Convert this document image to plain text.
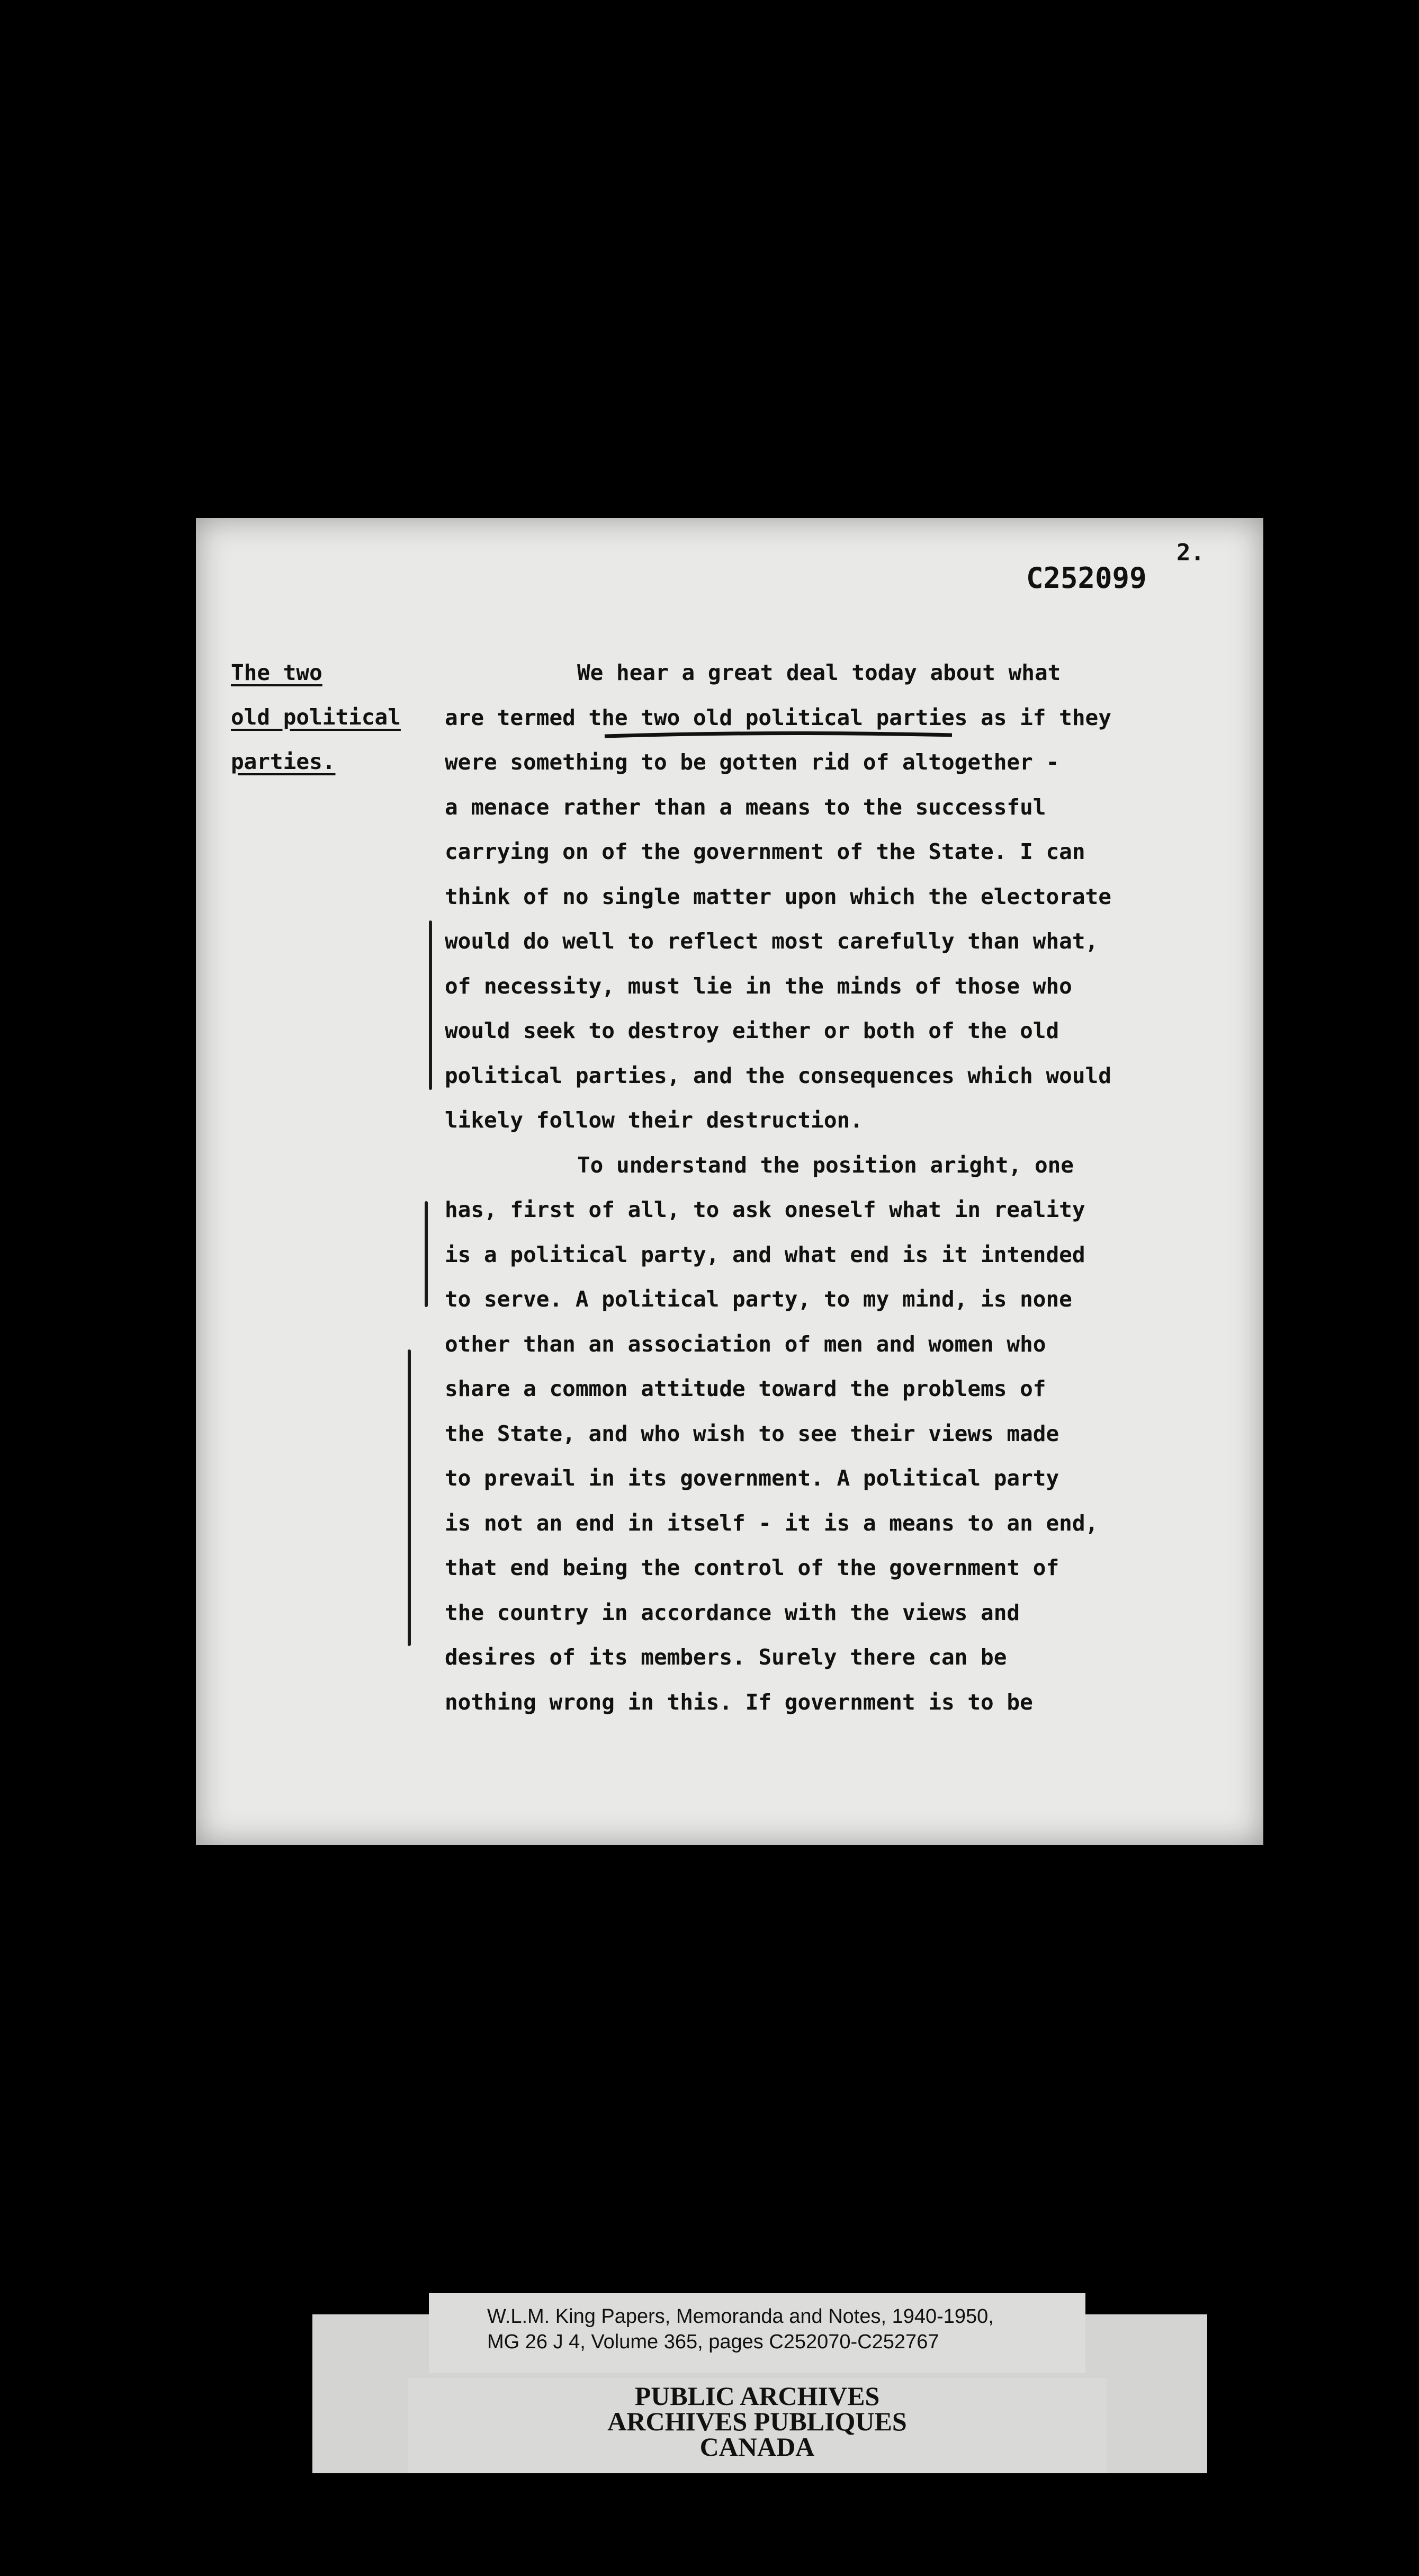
2.
C252099
The two
old political
parties.
We hear a great deal today about what
are termed the two old political parties as if they
were something to be gotten rid of altogether -
a menace rather than a means to the successful
carrying on of the government of the State. I can
think of no single matter upon which the electorate
would do well to reflect most carefully than what,
of necessity, must lie in the minds of those who
would seek to destroy either or both of the old
political parties, and the consequences which would
likely follow their destruction.
To understand the position aright, one
has, first of all, to ask oneself what in reality
is a political party, and what end is it intended
to serve. A political party, to my mind, is none
other than an association of men and women who
share a common attitude toward the problems of
the State, and who wish to see their views made
to prevail in its government. A political party
is not an end in itself - it is a means to an end,
that end being the control of the government of
the country in accordance with the views and
desires of its members. Surely there can be
nothing wrong in this. If government is to be
PUBLIC ARCHIVES
ARCHIVES PUBLIQUES
CANADA
W.L.M. King Papers, Memoranda and Notes, 1940-1950,
MG 26 J 4, Volume 365, pages C252070-C252767
